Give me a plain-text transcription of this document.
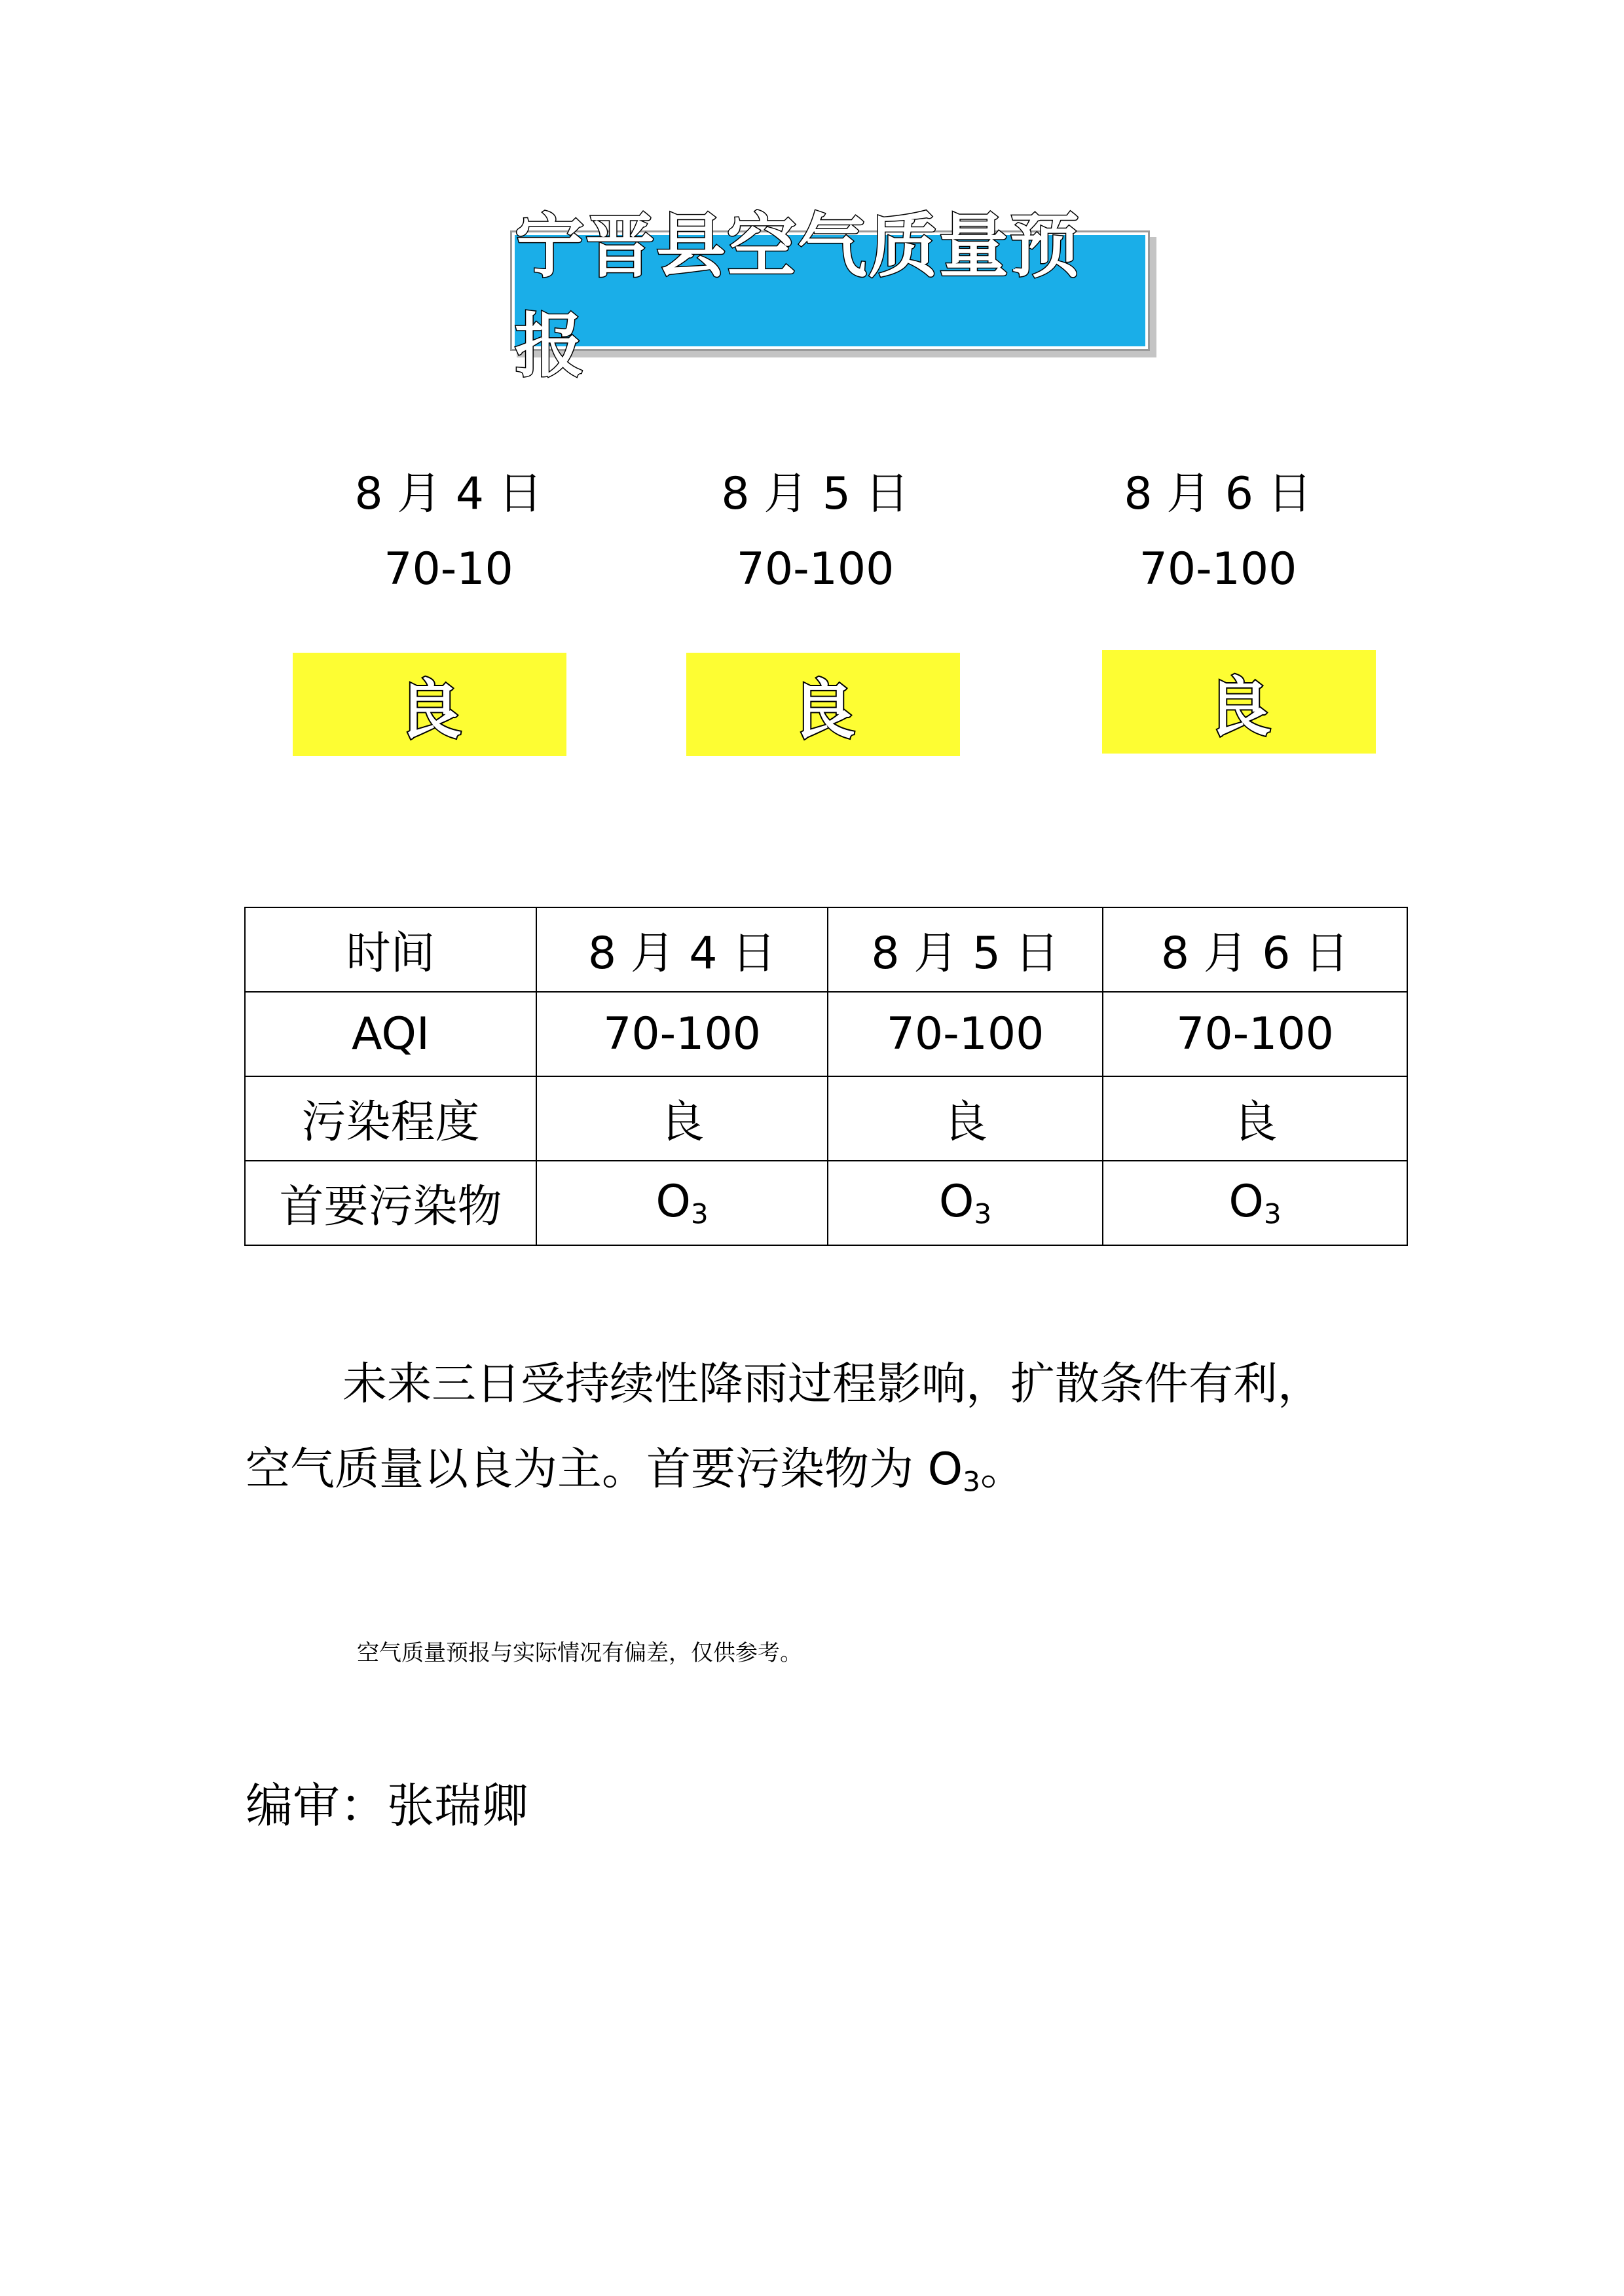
宁晋县空气质量预报
8 月 4 日
70-10
8 月 5 日
70-100
8 月 6 日
70-100
良	良	良
时间	8 月 4 日	8 月 5 日	8 月 6 日
AQI	70-100	70-100	70-100
污染程度	良	良	良
首要污染物	$O_3$	$O_3$	$O_3$
未来三日受持续性降雨过程影响，扩散条件有利，
空气质量以良为主。首要污染物为 $O_3$。
空气质量预报与实际情况有偏差，仅供参考。
编审：张瑞卿
